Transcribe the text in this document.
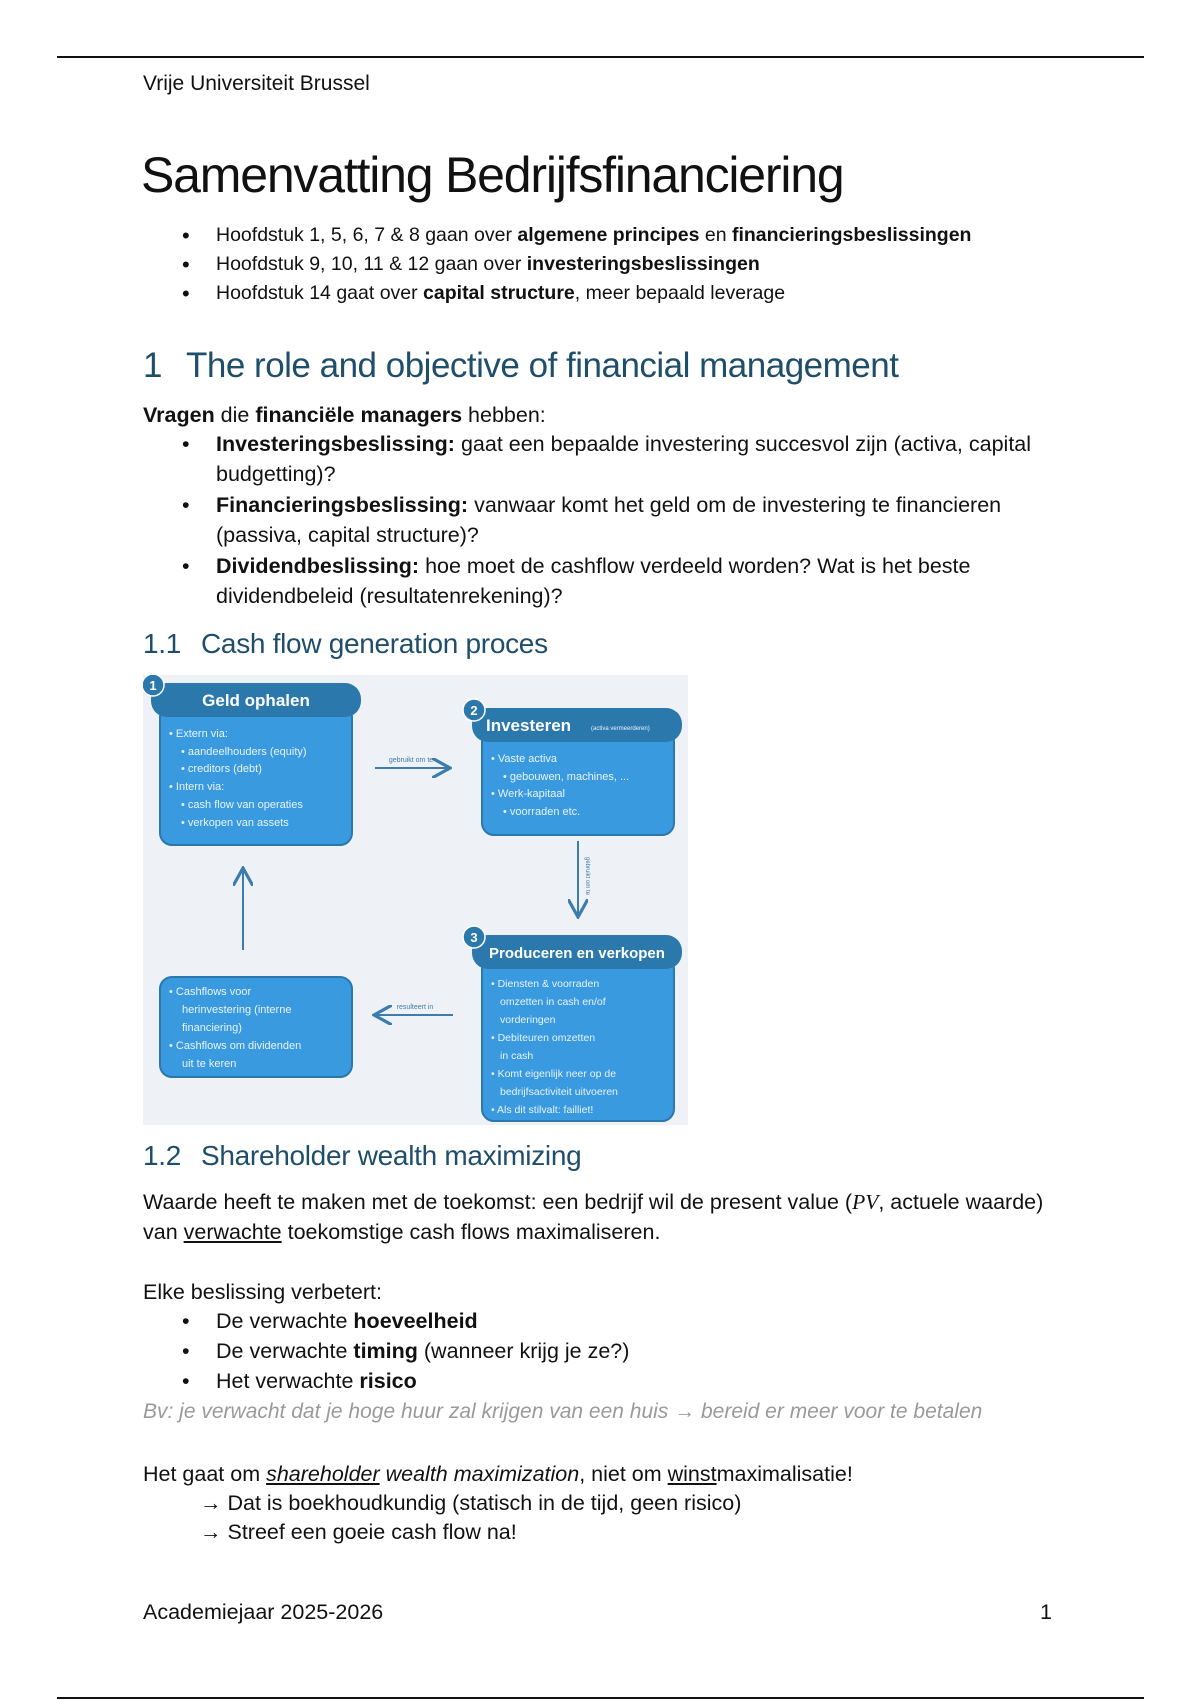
Vrije Universiteit Brussel
Samenvatting Bedrijfsfinanciering
• Hoofdstuk 1, 5, 6, 7 & 8 gaan over algemene principes en financieringsbeslissingen
• Hoofdstuk 9, 10, 11 & 12 gaan over investeringsbeslissingen
• Hoofdstuk 14 gaat over capital structure, meer bepaald leverage
1 The role and objective of financial management
Vragen die financiële managers hebben:
• Investeringsbeslissing: gaat een bepaalde investering succesvol zijn (activa, capital budgetting)?
• Financieringsbeslissing: vanwaar komt het geld om de investering te financieren (passiva, capital structure)?
• Dividendbeslissing: hoe moet de cashflow verdeeld worden? Wat is het beste dividendbeleid (resultatenrekening)?
1.1 Cash flow generation proces
1
Geld ophalen
• Extern via: • aandeelhouders (equity) • creditors (debt) • Intern via: • cash flow van operaties • verkopen van assets
gebruikt om te
2
Investeren	(activa vermeerderen)
• Vaste activa • gebouwen, machines, ... • Werk-kapitaal • voorraden etc.
gebruikt om te
3
Produceren en verkopen
• Diensten & voorraden omzetten in cash en/of vorderingen • Debiteuren omzetten in cash • Komt eigenlijk neer op de bedrijfsactiviteit uitvoeren • Als dit stilvalt: failliet!
resulteert in
• Cashflows voor herinvestering (interne financiering) • Cashflows om dividenden uit te keren
1.2 Shareholder wealth maximizing
Waarde heeft te maken met de toekomst: een bedrijf wil de present value (PV, actuele waarde) van verwachte toekomstige cash flows maximaliseren.
Elke beslissing verbetert:
• De verwachte hoeveelheid
• De verwachte timing (wanneer krijg je ze?)
• Het verwachte risico
Bv: je verwacht dat je hoge huur zal krijgen van een huis → bereid er meer voor te betalen
Het gaat om shareholder wealth maximization, niet om winstmaximalisatie!
→ Dat is boekhoudkundig (statisch in de tijd, geen risico)
→ Streef een goeie cash flow na!
Academiejaar 2025-2026	1
